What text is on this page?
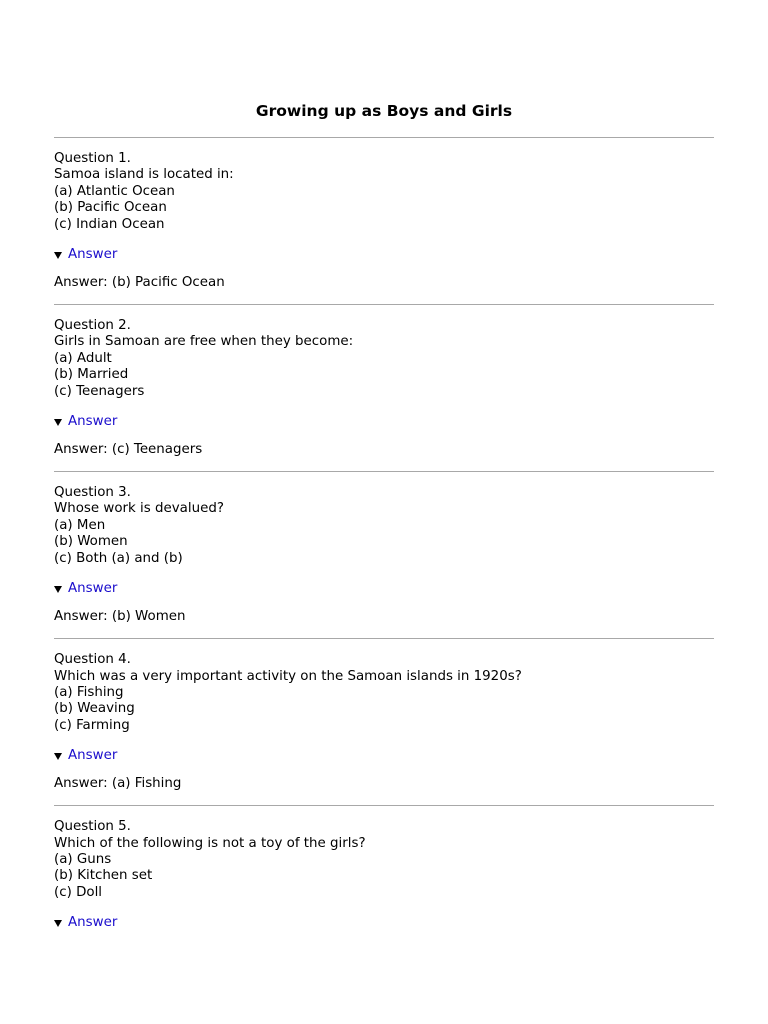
Growing up as Boys and Girls
Question 1.
Samoa island is located in:
(a) Atlantic Ocean
(b) Pacific Ocean
(c) Indian Ocean
Answer
Answer: (b) Pacific Ocean
Question 2.
Girls in Samoan are free when they become:
(a) Adult
(b) Married
(c) Teenagers
Answer
Answer: (c) Teenagers
Question 3.
Whose work is devalued?
(a) Men
(b) Women
(c) Both (a) and (b)
Answer
Answer: (b) Women
Question 4.
Which was a very important activity on the Samoan islands in 1920s?
(a) Fishing
(b) Weaving
(c) Farming
Answer
Answer: (a) Fishing
Question 5.
Which of the following is not a toy of the girls?
(a) Guns
(b) Kitchen set
(c) Doll
Answer
